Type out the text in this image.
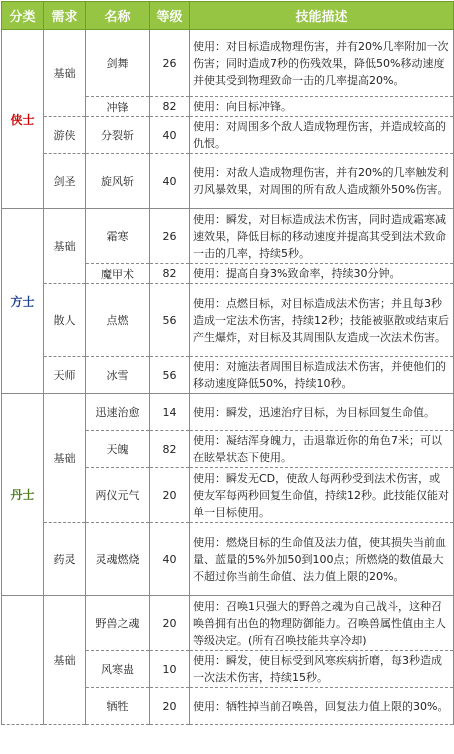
分类	需求	名称	等级	技能描述
侠士	基础	剑舞	26	使用：对目标造成物理伤害，并有20%几率附加一次伤害；同时造成7秒的伤残效果，降低50%移动速度并使其受到物理致命一击的几率提高20%。
		冲锋	82	使用：向目标冲锋。
	游侠	分裂斩	40	使用：对周围多个敌人造成物理伤害，并造成较高的仇恨。
	剑圣	旋风斩	40	使用：对敌人造成物理伤害，并有20%的几率触发利刃风暴效果，对周围的所有敌人造成额外50%伤害。
方士	基础	霜寒	26	使用：瞬发，对目标造成法术伤害，同时造成霜寒减速效果，降低目标的移动速度并提高其受到法术致命一击的几率，持续5秒。
		魔甲术	82	使用：提高自身3%致命率，持续30分钟。
	散人	点燃	56	使用：点燃目标，对目标造成法术伤害；并且每3秒造成一定法术伤害，持续12秒；技能被驱散或结束后产生爆炸，对目标及其周围队友造成一次法术伤害。
	天师	冰雪	56	使用：对施法者周围目标造成法术伤害，并使他们的移动速度降低50%，持续10秒。
丹士	基础	迅速治愈	14	使用：瞬发，迅速治疗目标，为目标回复生命值。
		天魄	82	使用：凝结浑身魄力，击退靠近你的角色7米；可以在眩晕状态下使用。
		两仪元气	20	使用：瞬发无CD，使敌人每两秒受到法术伤害，或使友军每两秒回复生命值，持续12秒。此技能仅能对单一目标使用。
	药灵	灵魂燃烧	40	使用：燃烧目标的生命值及法力值，使其损失当前血量、蓝量的5%外加50到100点；所燃烧的数值最大不超过你当前生命值、法力值上限的20%。
	基础	野兽之魂	20	使用：召唤1只强大的野兽之魂为自己战斗，这种召唤兽拥有出色的物理防御能力。召唤兽属性值由主人等级决定。(所有召唤技能共享冷却)
		风寒蛊	10	使用：瞬发，使目标受到风寒疾病折磨，每3秒造成一次法术伤害，持续15秒。
		牺牲	20	使用：牺牲掉当前召唤兽，回复法力值上限的30%。
